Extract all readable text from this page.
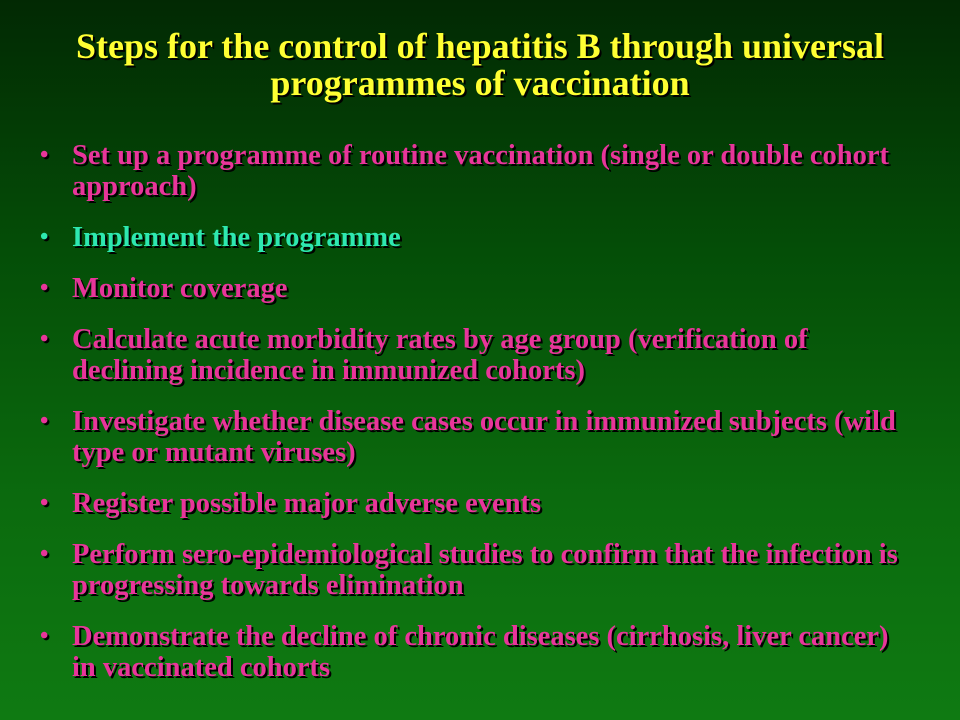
Steps for the control of hepatitis B through universal programmes of vaccination
• Set up a programme of routine vaccination (single or double cohort approach)
• Implement the programme
• Monitor coverage
• Calculate acute morbidity rates by age group (verification of declining incidence in immunized cohorts)
• Investigate whether disease cases occur in immunized subjects (wild type or mutant viruses)
• Register possible major adverse events
• Perform sero-epidemiological studies to confirm that the infection is progressing towards elimination
• Demonstrate the decline of chronic diseases (cirrhosis, liver cancer) in vaccinated cohorts
